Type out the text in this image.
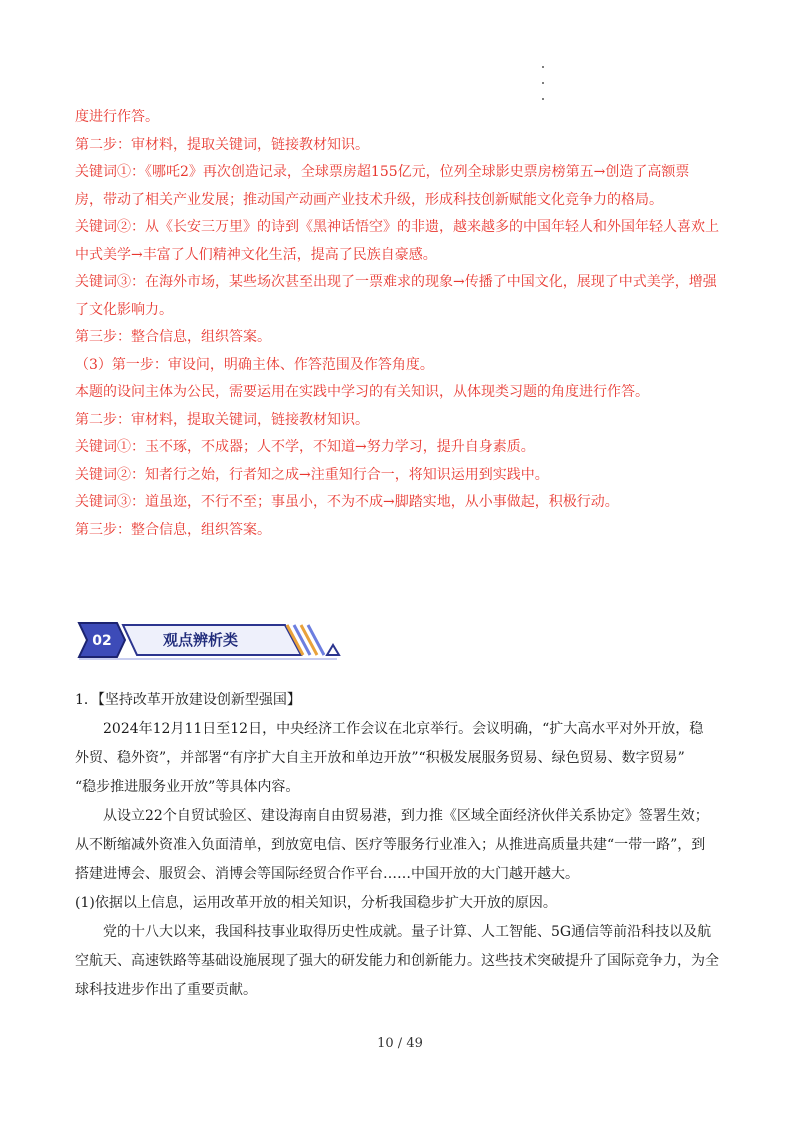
度进行作答。

第二步：审材料，提取关键词，链接教材知识。

关键词①：《哪吒2》再次创造记录，全球票房超155亿元，位列全球影史票房榜第五→创造了高额票

房，带动了相关产业发展；推动国产动画产业技术升级，形成科技创新赋能文化竞争力的格局。

关键词②：从《长安三万里》的诗到《黑神话悟空》的非遗，越来越多的中国年轻人和外国年轻人喜欢上

中式美学→丰富了人们精神文化生活，提高了民族自豪感。

关键词③：在海外市场，某些场次甚至出现了一票难求的现象→传播了中国文化，展现了中式美学，增强

了文化影响力。

第三步：整合信息，组织答案。

（3）第一步：审设问，明确主体、作答范围及作答角度。

本题的设问主体为公民，需要运用在实践中学习的有关知识，从体现类习题的角度进行作答。

第二步：审材料，提取关键词，链接教材知识。

关键词①：玉不琢，不成器；人不学，不知道→努力学习，提升自身素质。

关键词②：知者行之始，行者知之成→注重知行合一，将知识运用到实践中。

关键词③：道虽迩，不行不至；事虽小，不为不成→脚踏实地，从小事做起，积极行动。

第三步：整合信息，组织答案。

02	观点辨析类

1．【坚持改革开放建设创新型强国】

2024年12月11日至12日，中央经济工作会议在北京举行。会议明确，“扩大高水平对外开放，稳

外贸、稳外资”，并部署“有序扩大自主开放和单边开放”“积极发展服务贸易、绿色贸易、数字贸易”

“稳步推进服务业开放”等具体内容。

从设立22个自贸试验区、建设海南自由贸易港，到力推《区域全面经济伙伴关系协定》签署生效；

从不断缩减外资准入负面清单，到放宽电信、医疗等服务行业准入；从推进高质量共建“一带一路”，到

搭建进博会、服贸会、消博会等国际经贸合作平台……中国开放的大门越开越大。

(1)依据以上信息，运用改革开放的相关知识，分析我国稳步扩大开放的原因。

党的十八大以来，我国科技事业取得历史性成就。量子计算、人工智能、5G通信等前沿科技以及航

空航天、高速铁路等基础设施展现了强大的研发能力和创新能力。这些技术突破提升了国际竞争力，为全

球科技进步作出了重要贡献。

10 / 49
